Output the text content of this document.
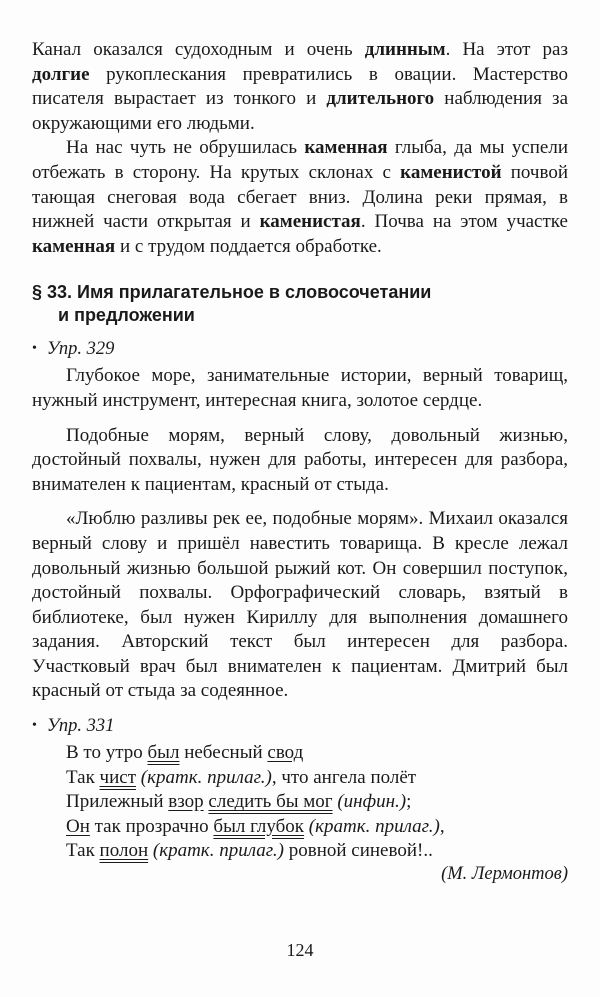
Канал оказался судоходным и очень длинным. На этот раз долгие рукоплескания превратились в овации. Мастерство писателя вырастает из тонкого и длительного наблюдения за окружающими его людьми.

На нас чуть не обрушилась каменная глыба, да мы успели отбежать в сторону. На крутых склонах с каменистой почвой тающая снеговая вода сбегает вниз. Долина реки прямая, в нижней части открытая и каменистая. Почва на этом участке каменная и с трудом поддается обработке.

§ 33. Имя прилагательное в словосочетании
и предложении
• Упр. 329

Глубокое море, занимательные истории, верный товарищ, нужный инструмент, интересная книга, золотое сердце.

Подобные морям, верный слову, довольный жизнью, достойный похвалы, нужен для работы, интересен для разбора, внимателен к пациентам, красный от стыда.

«Люблю разливы рек ее, подобные морям». Михаил оказался верный слову и пришёл навестить товарища. В кресле лежал довольный жизнью большой рыжий кот. Он совершил поступок, достойный похвалы. Орфографический словарь, взятый в библиотеке, был нужен Кириллу для выполнения домашнего задания. Авторский текст был интересен для разбора. Участковый врач был внимателен к пациентам. Дмитрий был красный от стыда за содеянное.

• Упр. 331
В то утро был небесный свод
Так чист (кратк. прилаг.), что ангела полёт
Прилежный взор следить бы мог (инфин.);
Он так прозрачно был глубок (кратк. прилаг.),
Так полон (кратк. прилаг.) ровной синевой!..
(М. Лермонтов)
124
